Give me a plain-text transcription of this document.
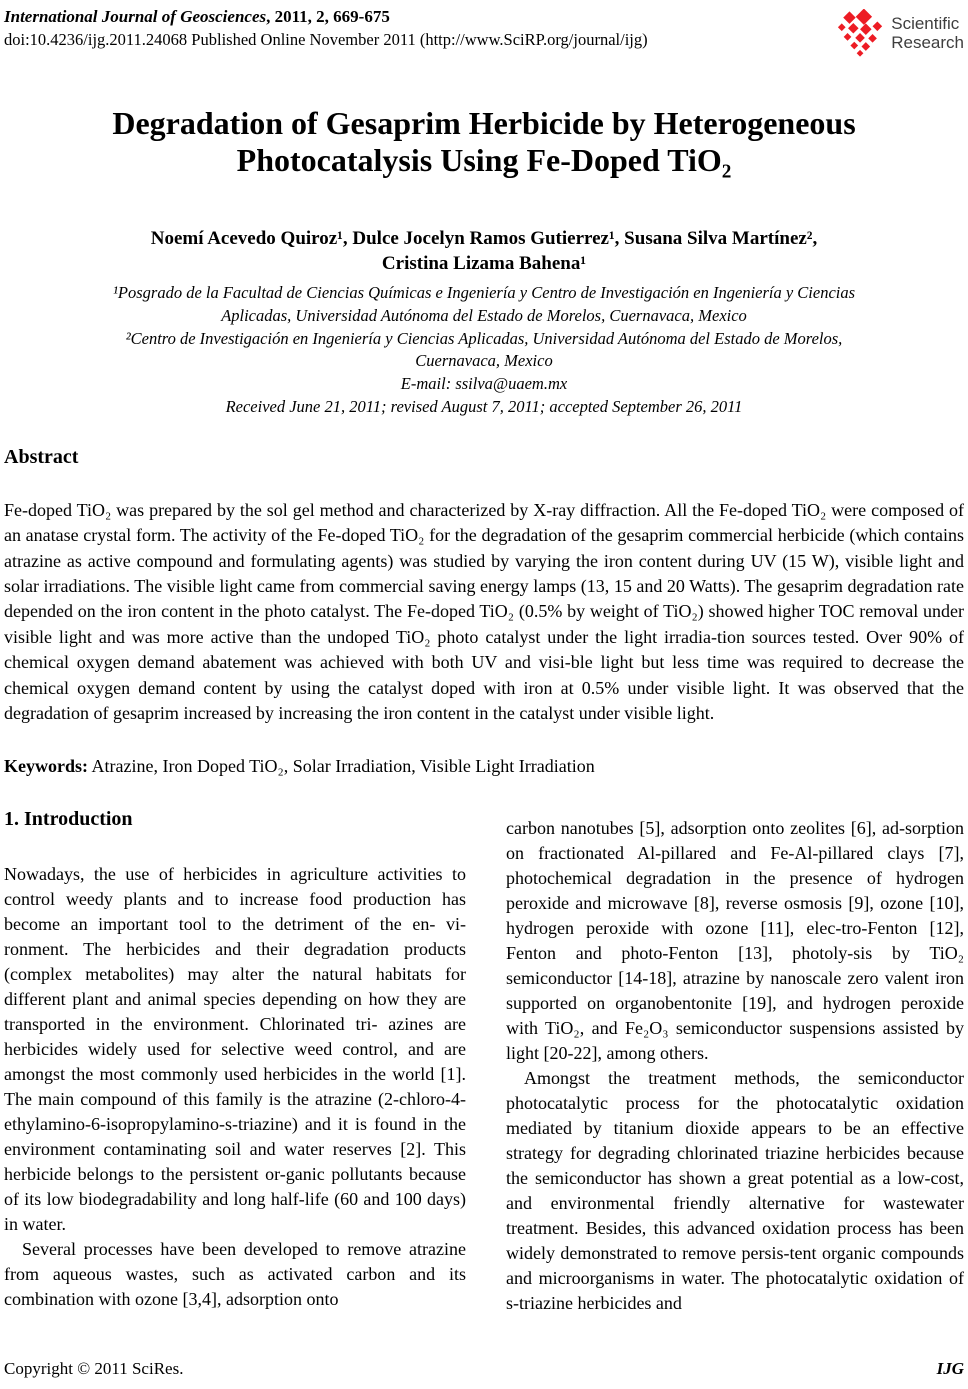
International Journal of Geosciences, 2011, 2, 669-675
doi:10.4236/ijg.2011.24068 Published Online November 2011 (http://www.SciRP.org/journal/ijg)
Scientific
Research
Degradation of Gesaprim Herbicide by Heterogeneous
Photocatalysis Using Fe-Doped TiO₂
Noemí Acevedo Quiroz¹, Dulce Jocelyn Ramos Gutierrez¹, Susana Silva Martínez²,
Cristina Lizama Bahena¹
¹Posgrado de la Facultad de Ciencias Químicas e Ingeniería y Centro de Investigación en Ingeniería y Ciencias
Aplicadas, Universidad Autónoma del Estado de Morelos, Cuernavaca, Mexico
²Centro de Investigación en Ingeniería y Ciencias Aplicadas, Universidad Autónoma del Estado de Morelos,
Cuernavaca, Mexico
E-mail: ssilva@uaem.mx
Received June 21, 2011; revised August 7, 2011; accepted September 26, 2011
Abstract

Fe-doped TiO₂ was prepared by the sol gel method and characterized by X-ray diffraction. All the Fe-doped TiO₂ were composed of an anatase crystal form. The activity of the Fe-doped TiO₂ for the degradation of the gesaprim commercial herbicide (which contains atrazine as active compound and formulating agents) was studied by varying the iron content during UV (15 W), visible light and solar irradiations. The visible light came from commercial saving energy lamps (13, 15 and 20 Watts). The gesaprim degradation rate depended on the iron content in the photo catalyst. The Fe-doped TiO₂ (0.5% by weight of TiO₂) showed higher TOC removal under visible light and was more active than the undoped TiO₂ photo catalyst under the light irradia-tion sources tested. Over 90% of chemical oxygen demand abatement was achieved with both UV and visi-ble light but less time was required to decrease the chemical oxygen demand content by using the catalyst doped with iron at 0.5% under visible light. It was observed that the degradation of gesaprim increased by increasing the iron content in the catalyst under visible light.

Keywords: Atrazine, Iron Doped TiO₂, Solar Irradiation, Visible Light Irradiation

1. Introduction

Nowadays, the use of herbicides in agriculture activities to control weedy plants and to increase food production has become an important tool to the detriment of the en- vi-ronment. The herbicides and their degradation products (complex metabolites) may alter the natural habitats for different plant and animal species depending on how they are transported in the environment. Chlorinated tri- azines are herbicides widely used for selective weed control, and are amongst the most commonly used herbicides in the world [1]. The main compound of this family is the atrazine (2-chloro-4-ethylamino-6-isopropylamino-s-triazine) and it is found in the environment contaminating soil and water reserves [2]. This herbicide belongs to the persistent or-ganic pollutants because of its low biodegradability and long half-life (60 and 100 days) in water.

Several processes have been developed to remove atrazine from aqueous wastes, such as activated carbon and its combination with ozone [3,4], adsorption onto

carbon nanotubes [5], adsorption onto zeolites [6], ad-sorption on fractionated Al-pillared and Fe-Al-pillared clays [7], photochemical degradation in the presence of hydrogen peroxide and microwave [8], reverse osmosis [9], ozone [10], hydrogen peroxide with ozone [11], elec-tro-Fenton [12], Fenton and photo-Fenton [13], photoly-sis by TiO₂ semiconductor [14-18], atrazine by nanoscale zero valent iron supported on organobentonite [19], and hydrogen peroxide with TiO₂, and Fe₂O₃ semiconductor suspensions assisted by light [20-22], among others.

Amongst the treatment methods, the semiconductor photocatalytic process for the photocatalytic oxidation mediated by titanium dioxide appears to be an effective strategy for degrading chlorinated triazine herbicides because the semiconductor has shown a great potential as a low-cost, and environmental friendly alternative for wastewater treatment. Besides, this advanced oxidation process has been widely demonstrated to remove persis-tent organic compounds and microorganisms in water. The photocatalytic oxidation of s-triazine herbicides and

Copyright © 2011 SciRes.	IJG
